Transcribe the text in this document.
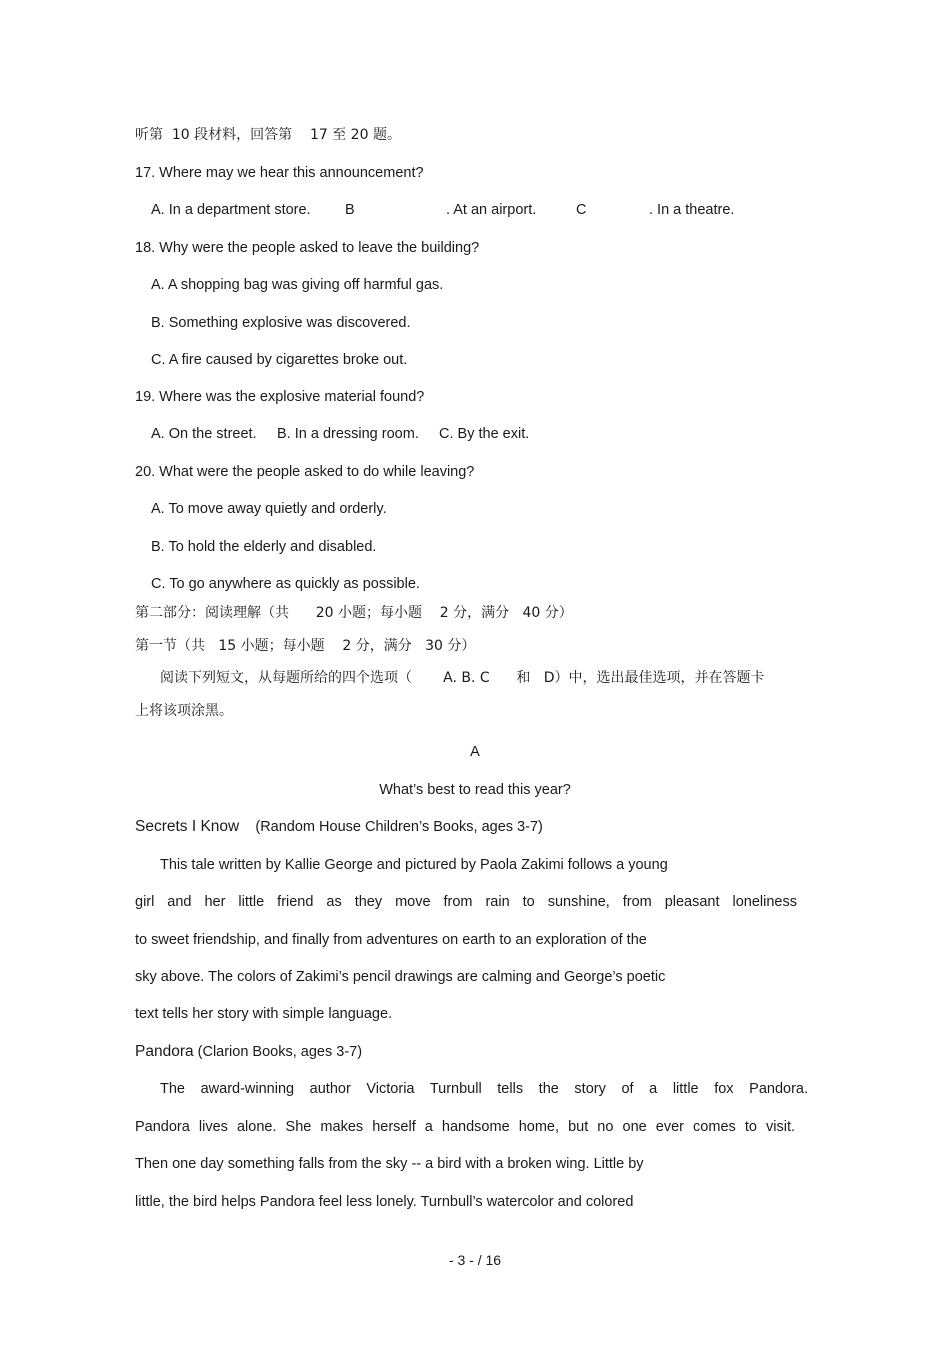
听第  10 段材料，回答第    17 至 20 题。
17. Where may we hear this announcement?
A. In a department store. B	. At an airport.	C	. In a theatre.
18. Why were the people asked to leave the building?
A. A shopping bag was giving off harmful gas.
B. Something explosive was discovered.
C. A fire caused by cigarettes broke out.
19. Where was the explosive material found?
A. On the street. B. In a dressing room. C. By the exit.
20. What were the people asked to do while leaving?
A. To move away quietly and orderly.
B. To hold the elderly and disabled.
C. To go anywhere as quickly as possible.
第二部分：阅读理解（共      20 小题；每小题    2 分，满分   40 分）
第一节（共   15 小题；每小题    2 分，满分   30 分）
阅读下列短文，从每题所给的四个选项（       A. B. C      和   D）中，选出最佳选项，并在答题卡
上将该项涂黑。
A
What’s best to read this year?
Secrets I Know (Random House Children’s Books, ages 3-7)
This tale written by Kallie George and pictured by Paola Zakimi follows a young
girl and her little friend as they move from rain to sunshine, from pleasant loneliness
to sweet friendship, and finally from adventures on earth to an exploration of the
sky above. The colors of Zakimi’s pencil drawings are calming and George’s poetic
text tells her story with simple language.
Pandora (Clarion Books, ages 3-7)
The award-winning author Victoria Turnbull tells the story of a little fox Pandora.
Pandora lives alone. She makes herself a handsome home, but no one ever comes to visit.
Then one day something falls from the sky -- a bird with a broken wing. Little by
little, the bird helps Pandora feel less lonely. Turnbull’s watercolor and colored
- 3 - / 16
